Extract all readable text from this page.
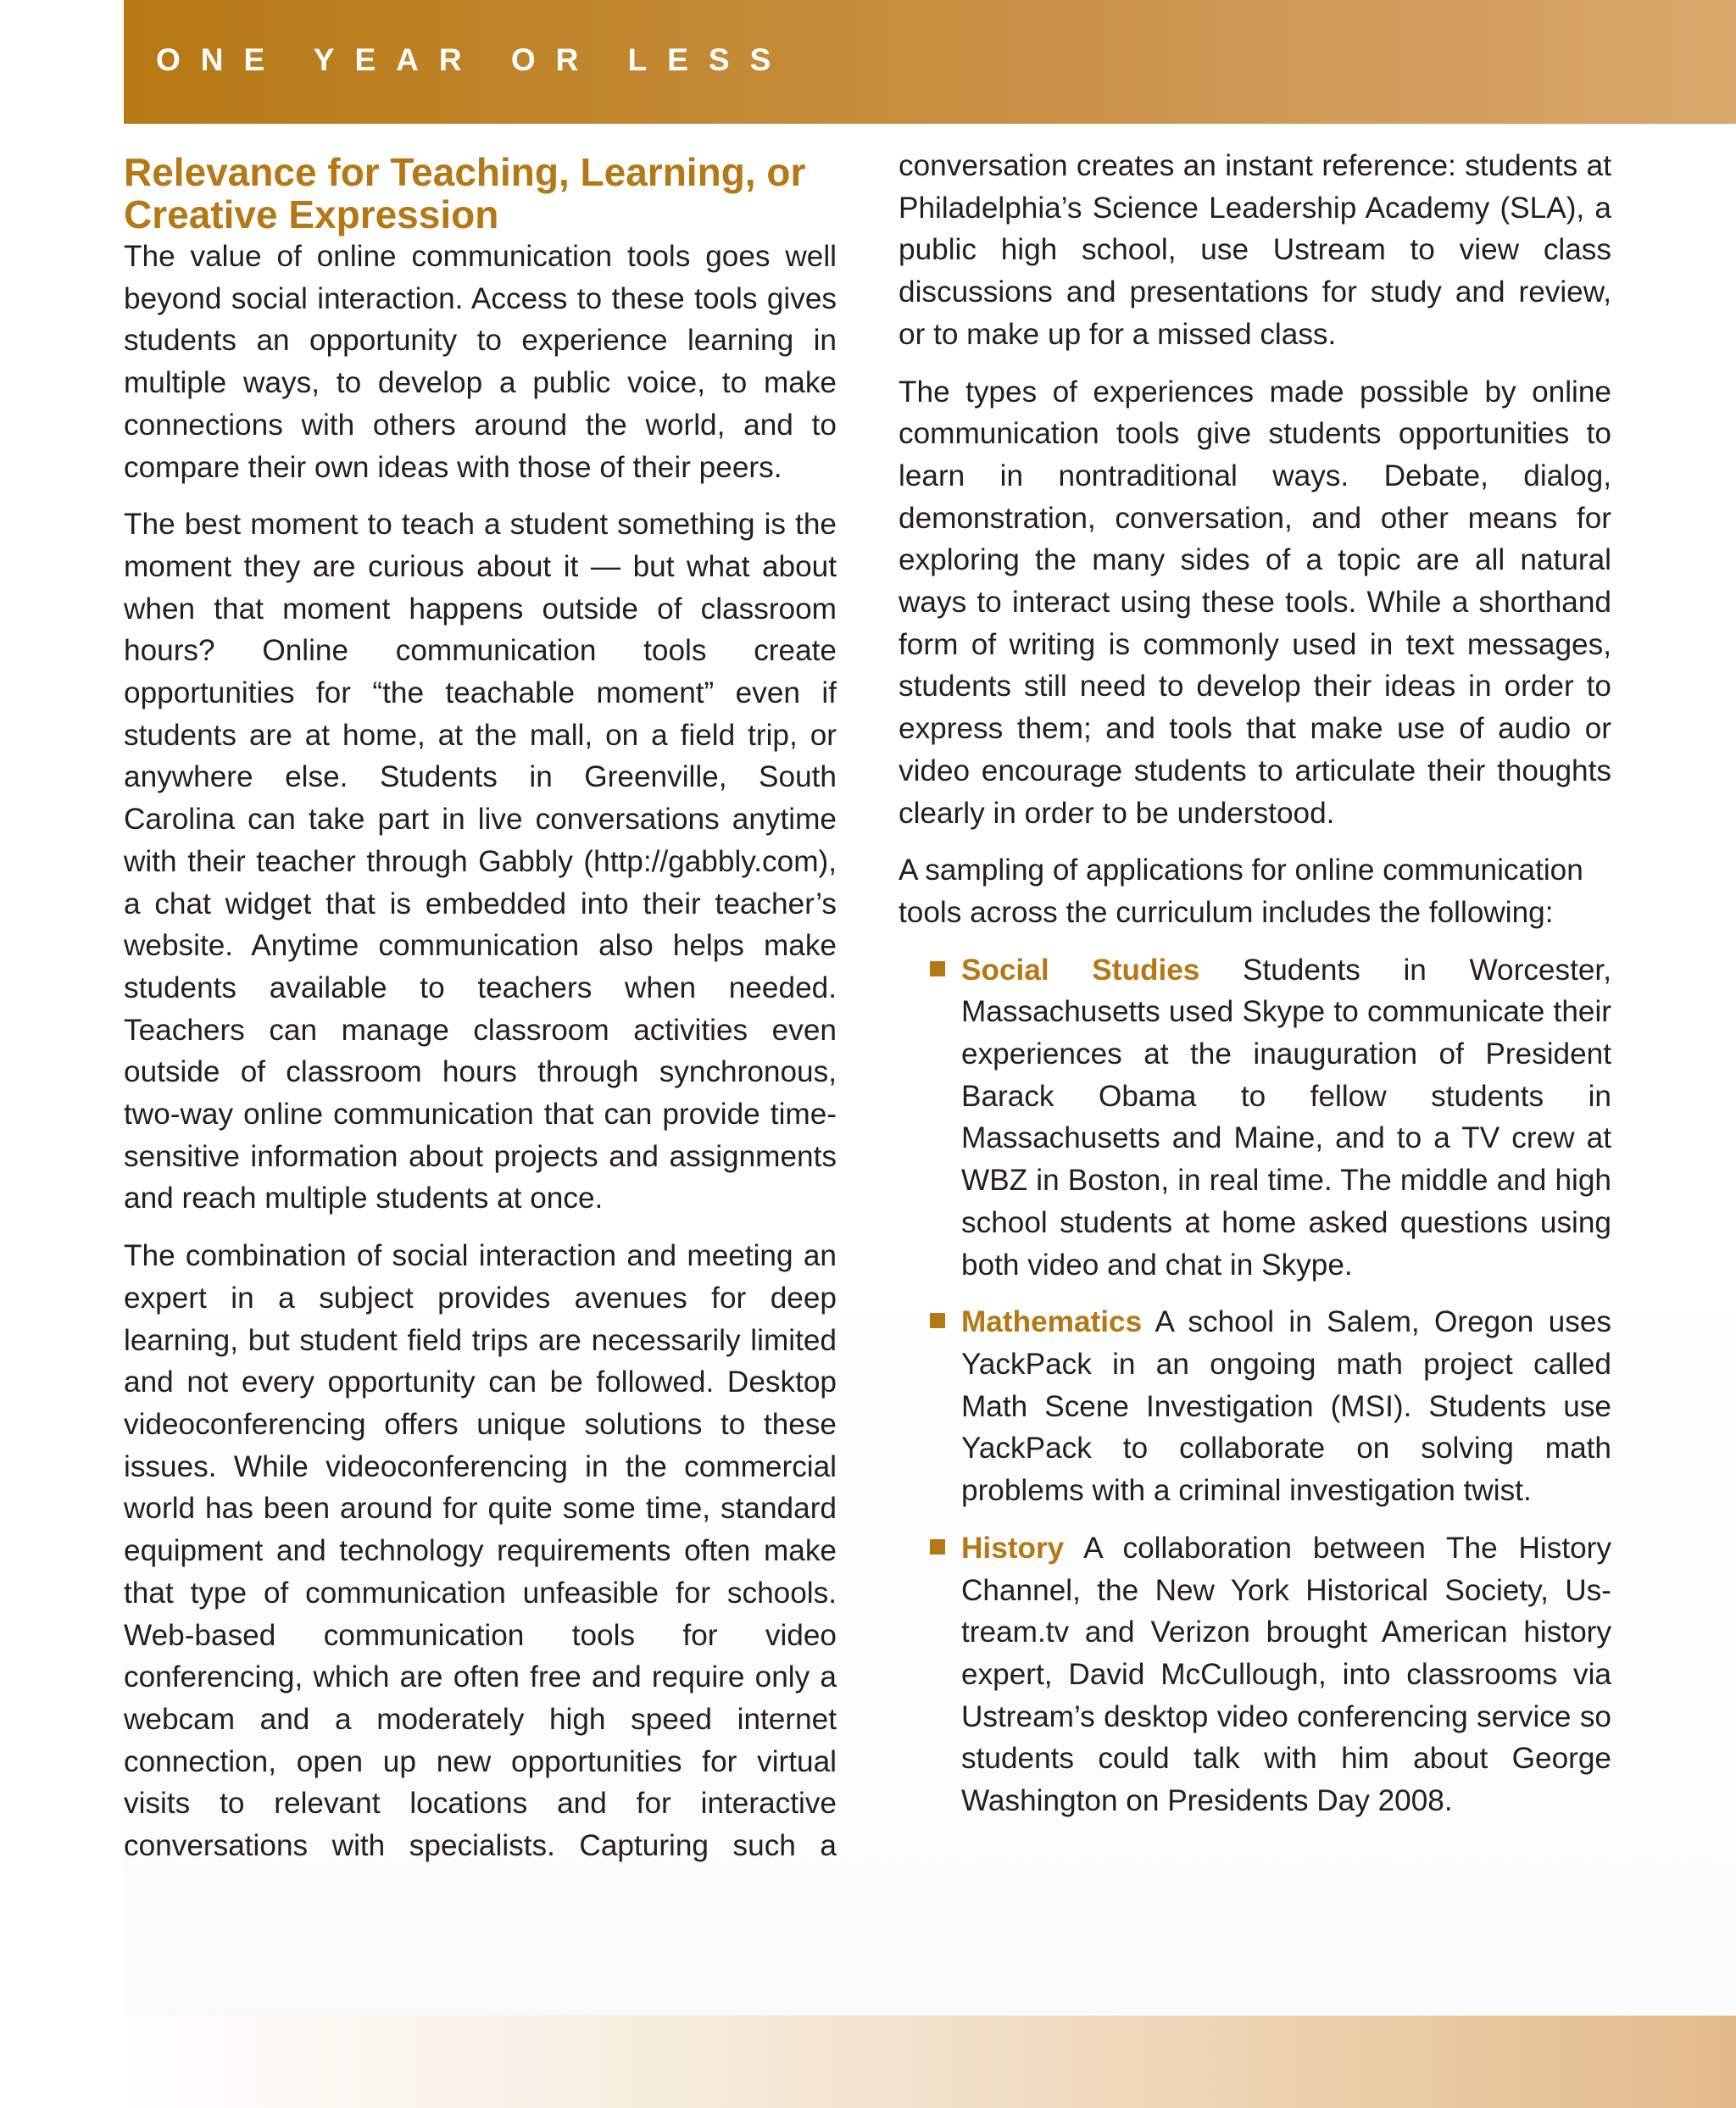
ONE YEAR OR LESS
Relevance for Teaching, Learning, or Creative Expression

The value of online communication tools goes well beyond social interaction. Access to these tools gives students an opportunity to experience learning in multiple ways, to develop a public voice, to make connections with others around the world, and to compare their own ideas with those of their peers.

The best moment to teach a student something is the moment they are curious about it — but what about when that moment happens outside of classroom hours? Online communication tools create opportunities for “the teachable moment” even if students are at home, at the mall, on a field trip, or anywhere else. Students in Greenville, South Carolina can take part in live conversations anytime with their teacher through Gabbly (http://gabbly.com), a chat widget that is embedded into their teacher’s website. Anytime communication also helps make students available to teachers when needed. Teachers can manage classroom activities even outside of classroom hours through synchronous, two-way online communication that can provide time-sensitive information about projects and assignments and reach multiple students at once.

The combination of social interaction and meeting an expert in a subject provides avenues for deep learning, but student field trips are necessarily limited and not every opportunity can be followed. Desktop videoconferencing offers unique solutions to these issues. While videoconferencing in the commercial world has been around for quite some time, standard equipment and technology requirements often make that type of communication unfeasible for schools. Web-based communication tools for video conferencing, which are often free and require only a webcam and a moderately high speed internet connection, open up new opportunities for virtual visits to relevant locations and for interactive conversations with specialists. Capturing such a

conversation creates an instant reference: students at Philadelphia’s Science Leadership Academy (SLA), a public high school, use Ustream to view class discussions and presentations for study and review, or to make up for a missed class.

The types of experiences made possible by online communication tools give students opportunities to learn in nontraditional ways. Debate, dialog, demonstration, conversation, and other means for exploring the many sides of a topic are all natural ways to interact using these tools. While a shorthand form of writing is commonly used in text messages, students still need to develop their ideas in order to express them; and tools that make use of audio or video encourage students to articulate their thoughts clearly in order to be understood.

A sampling of applications for online communication tools across the curriculum includes the following:

Social Studies Students in Worcester, Massachusetts used Skype to communicate their experiences at the inauguration of President Barack Obama to fellow students in Massachusetts and Maine, and to a TV crew at WBZ in Boston, in real time. The middle and high school students at home asked questions using both video and chat in Skype.
Mathematics A school in Salem, Oregon uses YackPack in an ongoing math project called Math Scene Investigation (MSI). Students use YackPack to collaborate on solving math problems with a criminal investigation twist.
History A collaboration between The History Channel, the New York Historical Society, Us-tream.tv and Verizon brought American history expert, David McCullough, into classrooms via Ustream’s desktop video conferencing service so students could talk with him about George Washington on Presidents Day 2008.
